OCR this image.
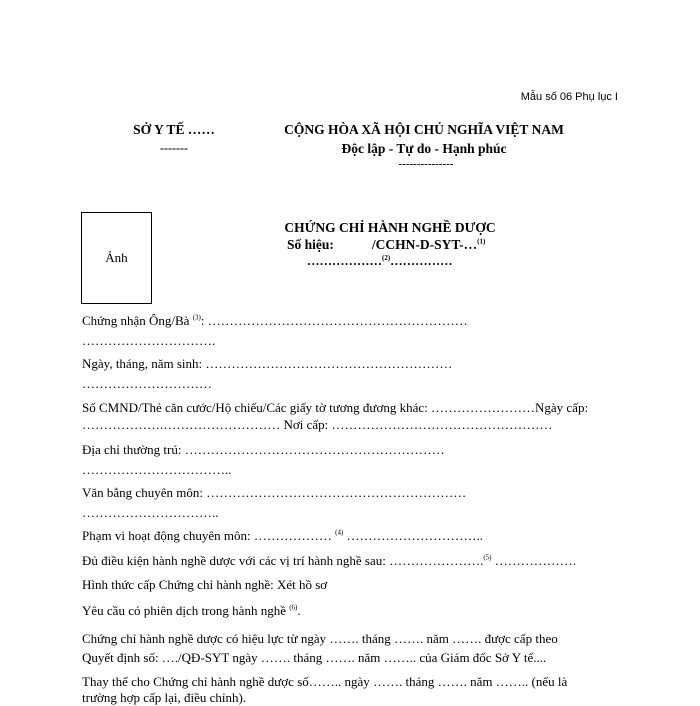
Mẫu số 06 Phụ lục I
SỞ Y TẾ ……
-------
CỘNG HÒA XÃ HỘI CHỦ NGHĨA VIỆT NAM
Độc lập - Tự do - Hạnh phúc
---------------
Ảnh
CHỨNG CHỈ HÀNH NGHỀ DƯỢC
Số hiệu:	/CCHN-D-SYT-…$^{(1)}$
………………$^{(2)}$……………
Chứng nhận Ông/Bà $^{(3)}$: ……………………………………………………
………………………….
Ngày, tháng, năm sinh: …………………………………………………
…………………………
Số CMND/Thẻ căn cước/Hộ chiếu/Các giấy tờ tương đương khác: ……………………Ngày cấp:
……………….……………………… Nơi cấp: ……………………………………………
Địa chỉ thường trú: ……………………………………………………
……………………………..
Văn bằng chuyên môn: ……………………………………………………
…………………………..
Phạm vi hoạt động chuyên môn: ……………… $^{(4)}$ …………………………..
Đủ điều kiện hành nghề dược với các vị trí hành nghề sau: ………………….$^{(5)}$ ……………….
Hình thức cấp Chứng chỉ hành nghề: Xét hồ sơ
Yêu cầu có phiên dịch trong hành nghề $^{(6)}$.
Chứng chỉ hành nghề dược có hiệu lực từ ngày ……. tháng ……. năm ……. được cấp theo
Quyết định số: …./QĐ-SYT ngày ……. tháng ……. năm …….. của Giám đốc Sở Y tế....
Thay thế cho Chứng chỉ hành nghề dược số…….. ngày ……. tháng ……. năm …….. (nếu là
trường hợp cấp lại, điều chỉnh).
